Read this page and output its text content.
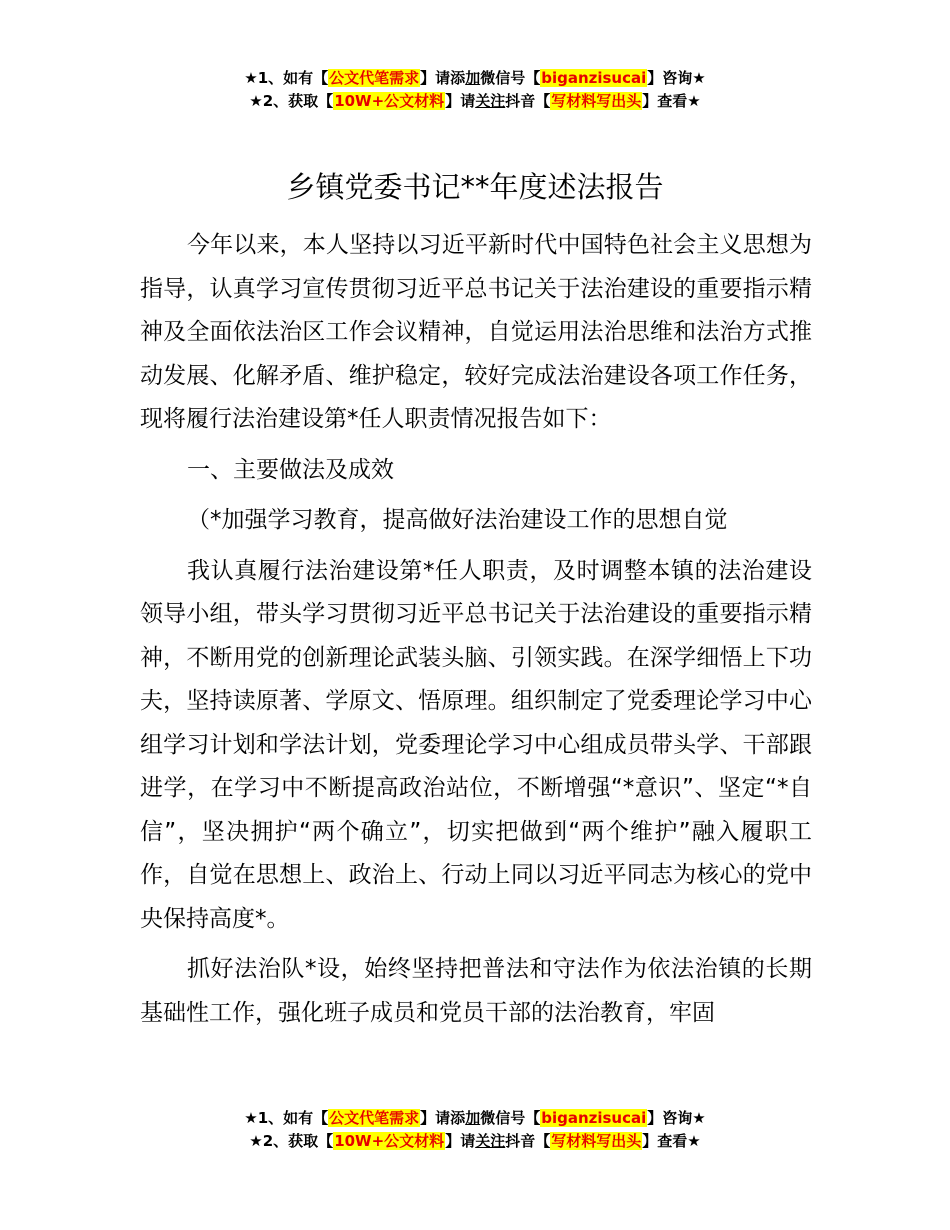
★1、如有【公文代笔需求】请添加微信号【biganzisucai】咨询★
★2、获取【10W+公文材料】请关注抖音【写材料写出头】查看★
乡镇党委书记**年度述法报告

今年以来，本人坚持以习近平新时代中国特色社会主义思想为指导，认真学习宣传贯彻习近平总书记关于法治建设的重要指示精神及全面依法治区工作会议精神，自觉运用法治思维和法治方式推动发展、化解矛盾、维护稳定，较好完成法治建设各项工作任务，现将履行法治建设第*任人职责情况报告如下：

一、主要做法及成效

（*加强学习教育，提高做好法治建设工作的思想自觉

我认真履行法治建设第*任人职责，及时调整本镇的法治建设领导小组，带头学习贯彻习近平总书记关于法治建设的重要指示精神，不断用党的创新理论武装头脑、引领实践。在深学细悟上下功夫，坚持读原著、学原文、悟原理。组织制定了党委理论学习中心组学习计划和学法计划，党委理论学习中心组成员带头学、干部跟进学，在学习中不断提高政治站位，不断增强“*意识”、坚定“*自信”，坚决拥护“两个确立”，切实把做到“两个维护”融入履职工作，自觉在思想上、政治上、行动上同以习近平同志为核心的党中央保持高度*。

抓好法治队*设，始终坚持把普法和守法作为依法治镇的长期基础性工作，强化班子成员和党员干部的法治教育，牢固

★1、如有【公文代笔需求】请添加微信号【biganzisucai】咨询★
★2、获取【10W+公文材料】请关注抖音【写材料写出头】查看★
